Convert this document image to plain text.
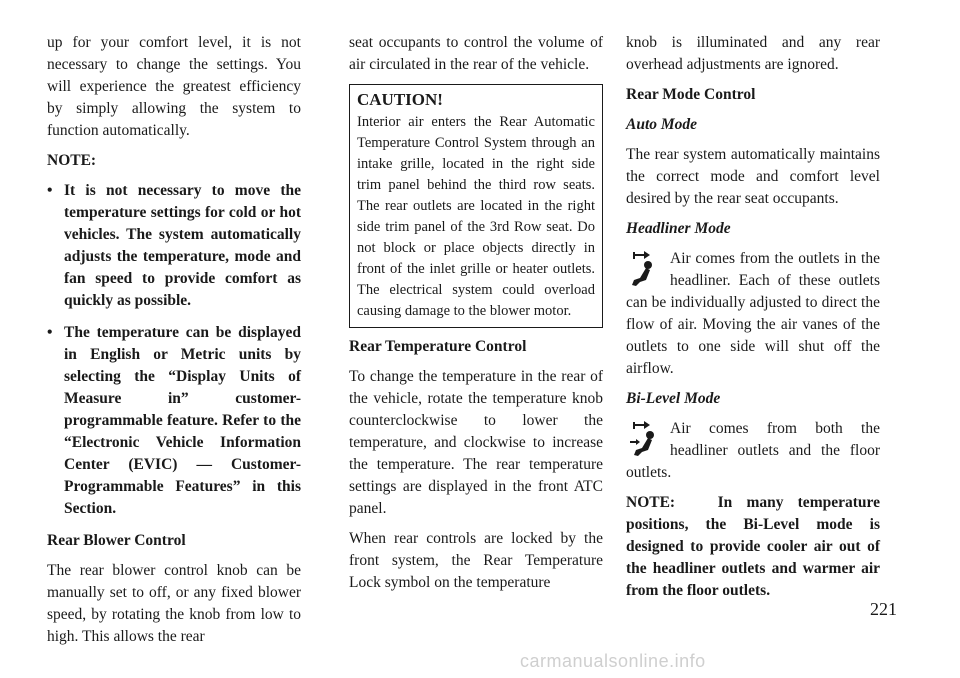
up for your comfort level, it is not necessary to change the settings. You will experience the greatest efficiency by simply allowing the system to function automatically.

NOTE:

• It is not necessary to move the temperature settings for cold or hot vehicles. The system automatically adjusts the temperature, mode and fan speed to provide comfort as quickly as possible.
• The temperature can be displayed in English or Metric units by selecting the “Display Units of Measure in” customer-programmable feature. Refer to the “Electronic Vehicle Information Center (EVIC) — Customer-Programmable Features” in this Section.

Rear Blower Control

The rear blower control knob can be manually set to off, or any fixed blower speed, by rotating the knob from low to high. This allows the rear

seat occupants to control the volume of air circulated in the rear of the vehicle.

CAUTION!
Interior air enters the Rear Automatic Temperature Control System through an intake grille, located in the right side trim panel behind the third row seats. The rear outlets are located in the right side trim panel of the 3rd Row seat. Do not block or place objects directly in front of the inlet grille or heater outlets. The electrical system could overload causing damage to the blower motor.

Rear Temperature Control

To change the temperature in the rear of the vehicle, rotate the temperature knob counterclockwise to lower the temperature, and clockwise to increase the temperature. The rear temperature settings are displayed in the front ATC panel.

When rear controls are locked by the front system, the Rear Temperature Lock symbol on the temperature

knob is illuminated and any rear overhead adjustments are ignored.

Rear Mode Control

Auto Mode

The rear system automatically maintains the correct mode and comfort level desired by the rear seat occupants.

Headliner Mode

Air comes from the outlets in the headliner. Each of these outlets can be individually adjusted to direct the flow of air. Moving the air vanes of the outlets to one side will shut off the airflow.

Bi-Level Mode

Air comes from both the headliner outlets and the floor outlets.

NOTE:   In many temperature positions, the Bi-Level mode is designed to provide cooler air out of the headliner outlets and warmer air from the floor outlets.

221
carmanualsonline.info
